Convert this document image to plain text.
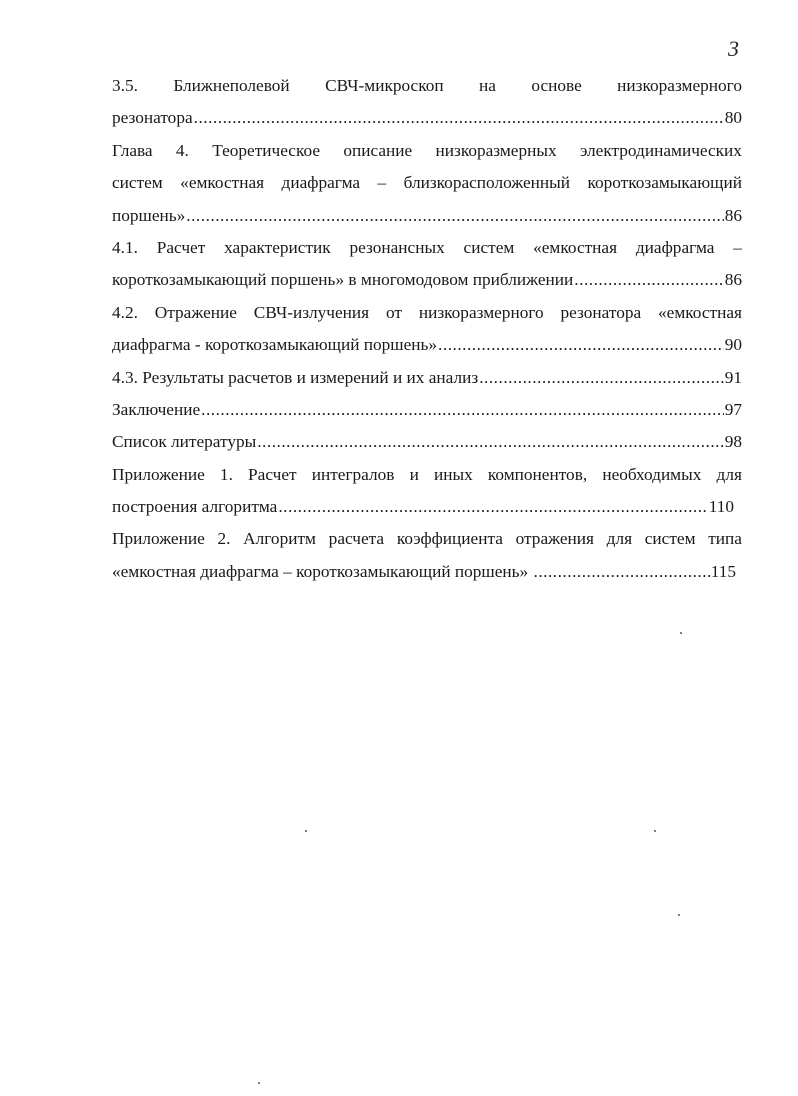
3
3.5. Ближнеполевой СВЧ-микроскоп на основе низкоразмерного
резонатора .....	80
Глава 4. Теоретическое описание низкоразмерных электродинамических
систем «емкостная диафрагма – близкорасположенный короткозамыкающий
поршень» .....	86
4.1. Расчет характеристик резонансных систем «емкостная диафрагма –
короткозамыкающий поршень» в многомодовом приближении .....	86
4.2. Отражение СВЧ-излучения от низкоразмерного резонатора «емкостная
диафрагма - короткозамыкающий поршень» .....	90
4.3. Результаты расчетов и измерений и их анализ .....	91
Заключение .....	97
Список литературы .....	98
Приложение 1. Расчет интегралов и иных компонентов, необходимых для
построения алгоритма .....	110
Приложение 2. Алгоритм расчета коэффициента отражения для систем типа
«емкостная диафрагма – короткозамыкающий поршень» .....	115
